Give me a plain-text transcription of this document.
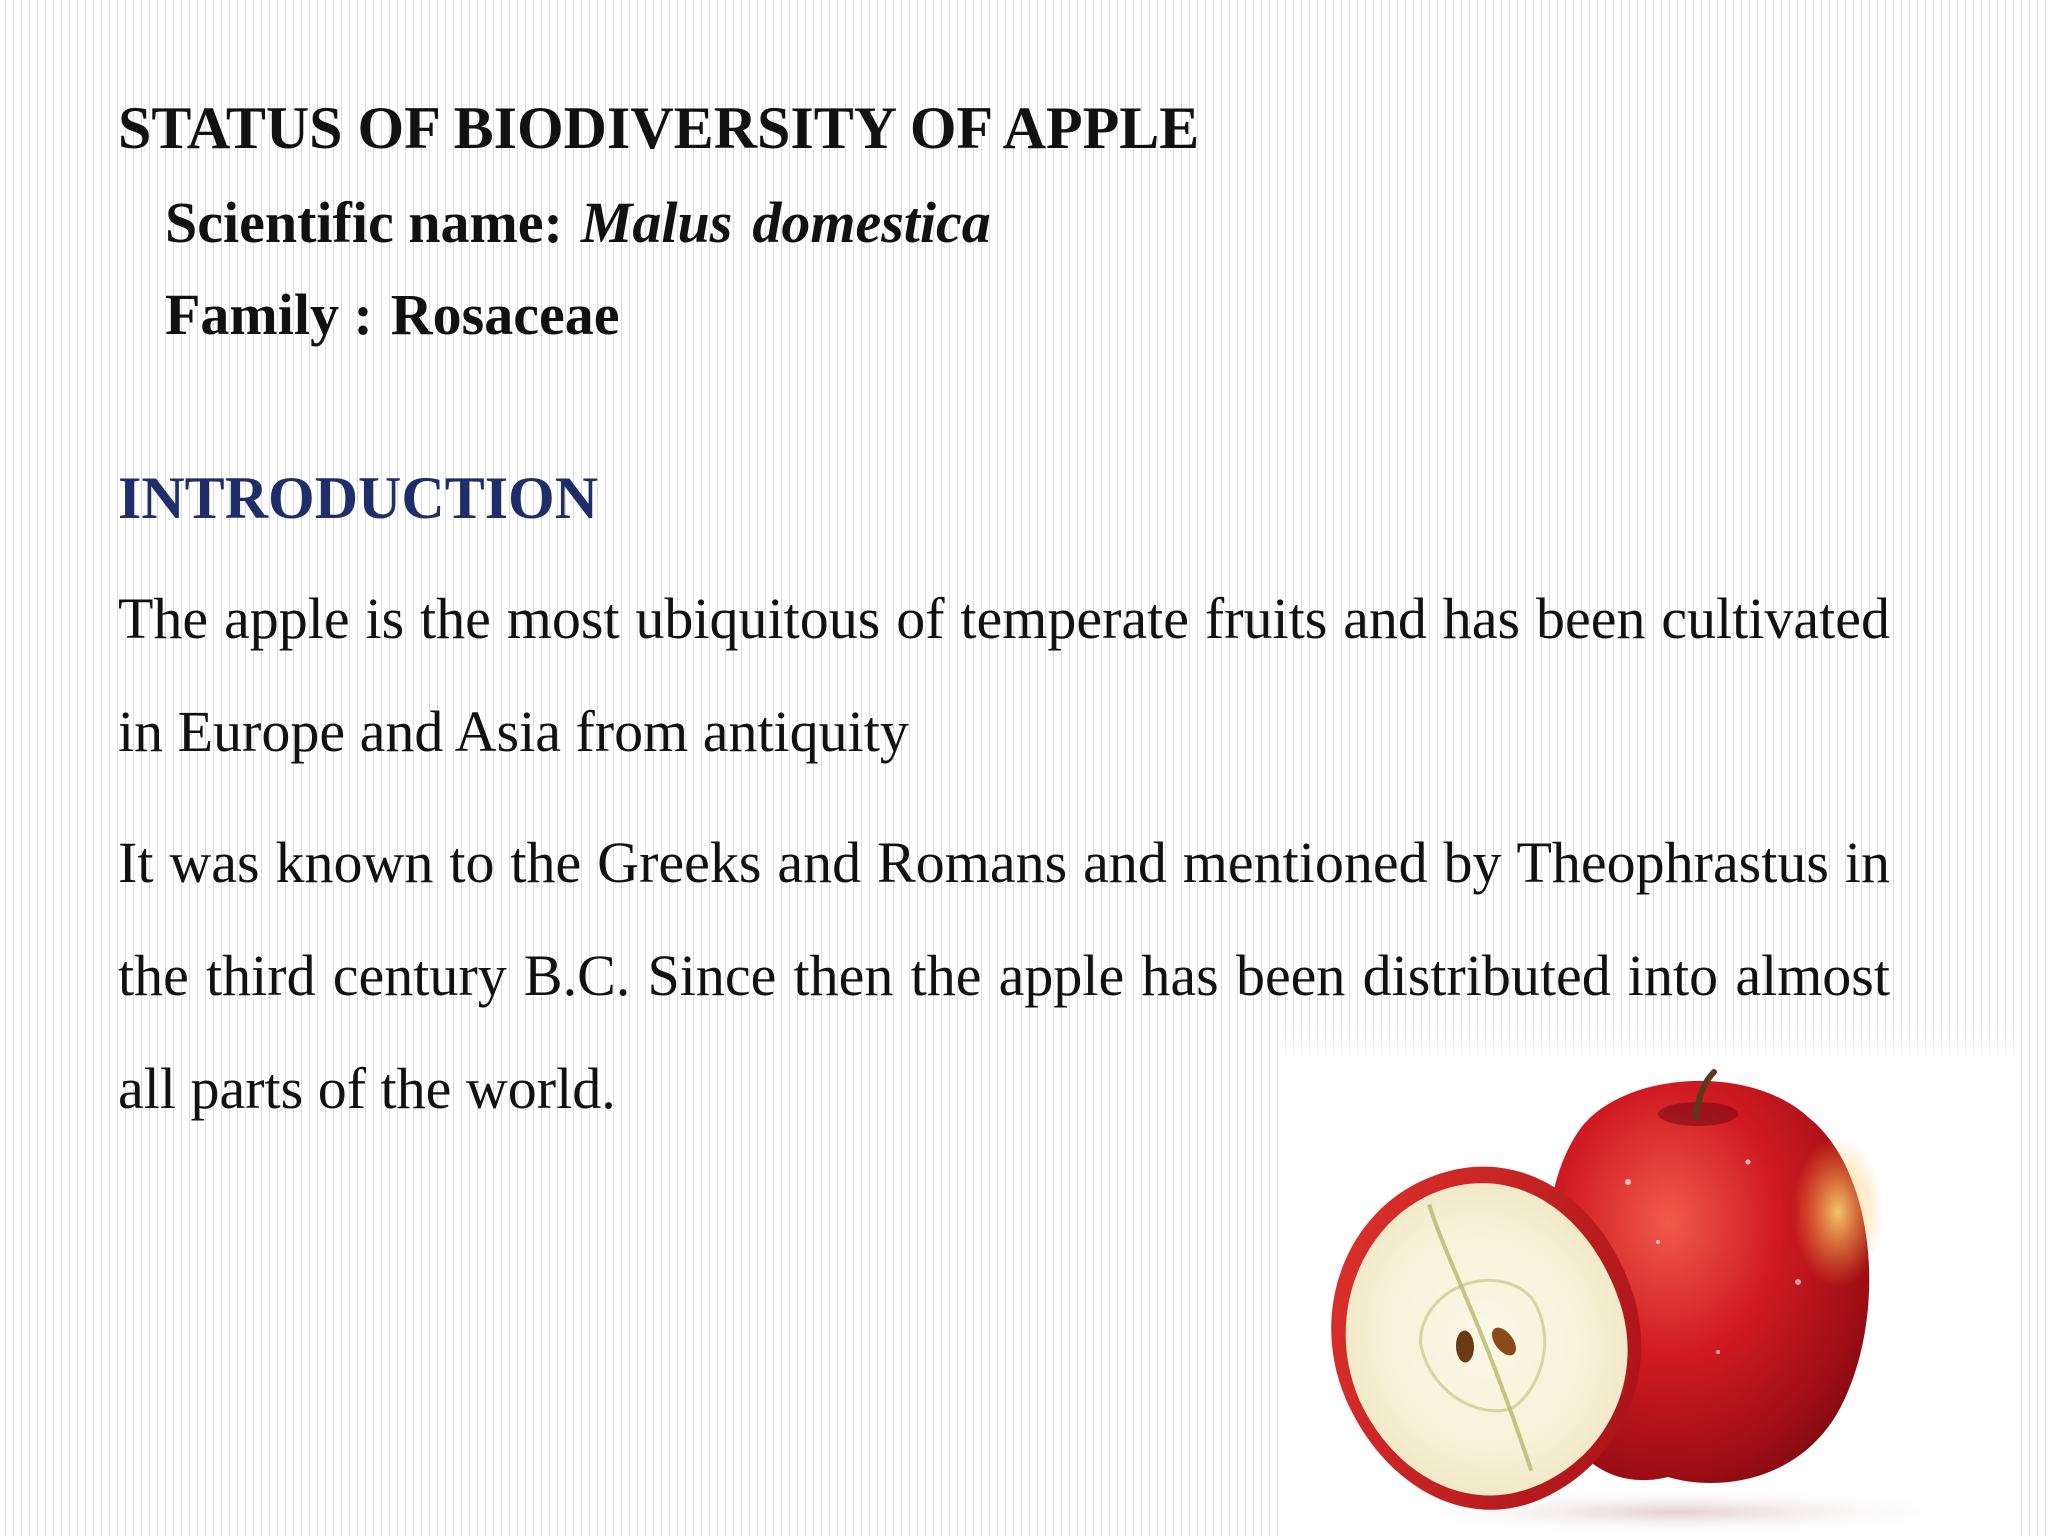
STATUS OF BIODIVERSITY OF APPLE
Scientific name: Malus domestica
Family : Rosaceae
INTRODUCTION

The apple is the most ubiquitous of temperate fruits and has been cultivated in Europe and Asia from antiquity

It was known to the Greeks and Romans and mentioned by Theophrastus in the third century B.C. Since then the apple has been distributed into almost all parts of the world.
